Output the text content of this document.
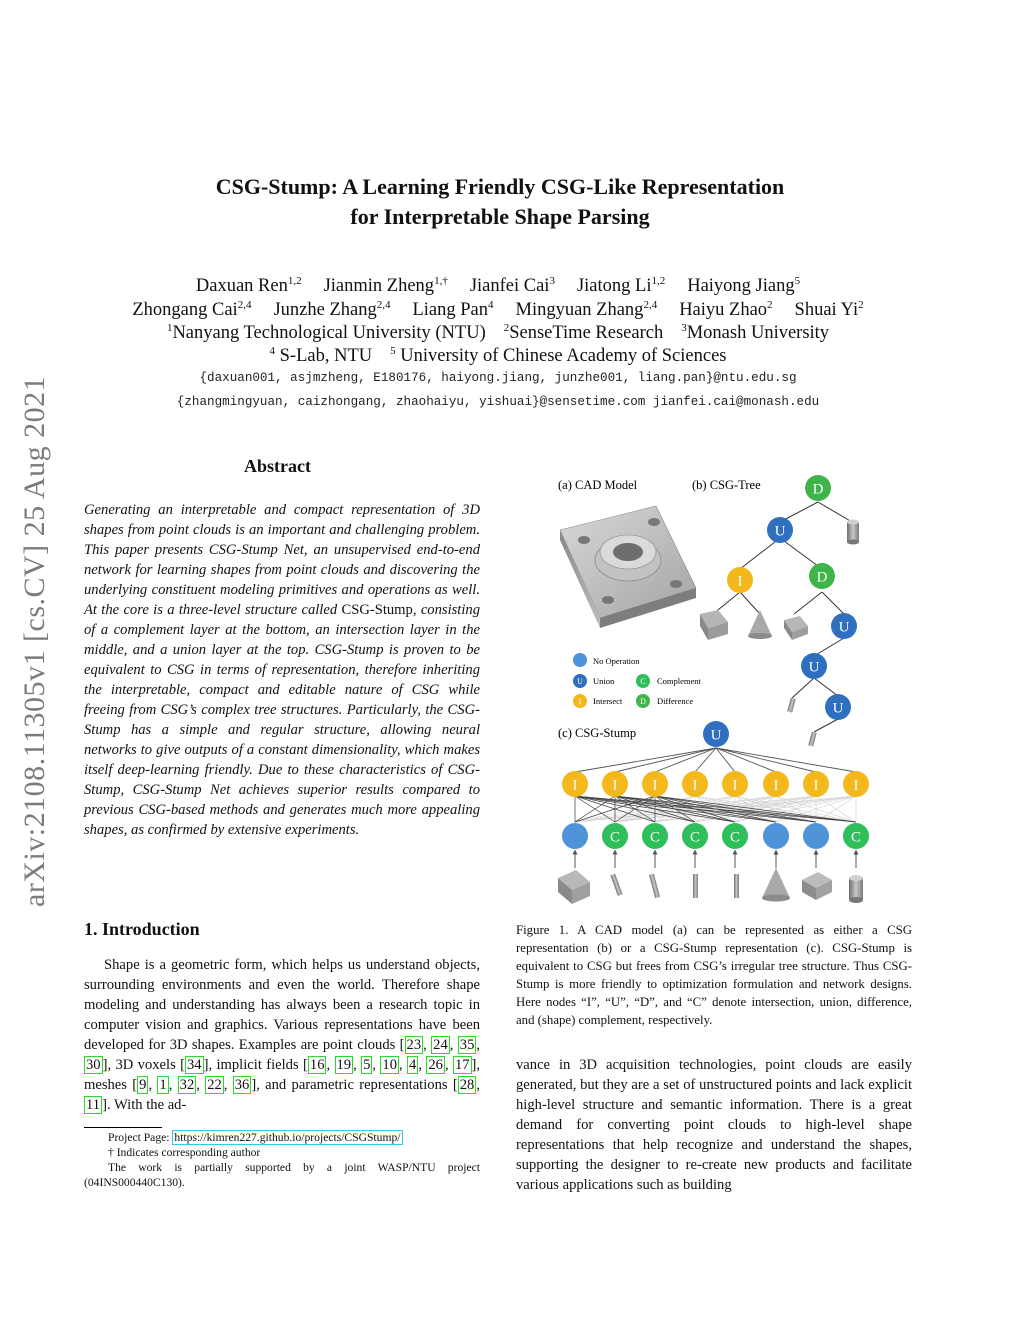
arXiv:2108.11305v1 [cs.CV] 25 Aug 2021
CSG-Stump: A Learning Friendly CSG-Like Representation
for Interpretable Shape Parsing
Daxuan Ren$^{1,2}$ Jianmin Zheng$^{1,\dagger}$ Jianfei Cai$^3$ Jiatong Li$^{1,2}$ Haiyong Jiang$^5$
Zhongang Cai$^{2,4}$ Junzhe Zhang$^{2,4}$ Liang Pan$^4$ Mingyuan Zhang$^{2,4}$ Haiyu Zhao$^2$ Shuai Yi$^2$
$^1$Nanyang Technological University (NTU) $^2$SenseTime Research $^3$Monash University
$^4$ S-Lab, NTU $^5$ University of Chinese Academy of Sciences
{daxuan001, asjmzheng, E180176, haiyong.jiang, junzhe001, liang.pan}@ntu.edu.sg
{zhangmingyuan, caizhongang, zhaohaiyu, yishuai}@sensetime.com jianfei.cai@monash.edu
Abstract
Generating an interpretable and compact representation of 3D shapes from point clouds is an important and challenging problem. This paper presents CSG-Stump Net, an unsupervised end-to-end network for learning shapes from point clouds and discovering the underlying constituent modeling primitives and operations as well. At the core is a three-level structure called CSG-Stump, consisting of a complement layer at the bottom, an intersection layer in the middle, and a union layer at the top. CSG-Stump is proven to be equivalent to CSG in terms of representation, therefore inheriting the interpretable, compact and editable nature of CSG while freeing from CSG’s complex tree structures. Particularly, the CSG-Stump has a simple and regular structure, allowing neural networks to give outputs of a constant dimensionality, which makes itself deep-learning friendly. Due to these characteristics of CSG-Stump, CSG-Stump Net achieves superior results compared to previous CSG-based methods and generates much more appealing shapes, as confirmed by extensive experiments.
1. Introduction
Shape is a geometric form, which helps us understand objects, surrounding environments and even the world. Therefore shape modeling and understanding has always been a research topic in computer vision and graphics. Various representations have been developed for 3D shapes. Examples are point clouds [ 23 , 24 , 35 , 30 ], 3D voxels [ 34 ], implicit fields [ 16 , 19 , 5 , 10 , 4 , 26 , 17 ], meshes [ 9 , 1 , 32 , 22 , 36 ], and parametric representations [ 28 , 11 ]. With the ad-

Project Page: https://kimren227.github.io/projects/CSGStump/

† Indicates corresponding author

The work is partially supported by a joint WASP/NTU project (04INS000440C130).

(a) CAD Model	(b) CSG-Tree
(c) CSG-Stump
D
U
I	D
U
U
U
No Operation
U Union	C Complement
I Intersect D Difference
U
I I I I I I I I
C C C C	C
Figure 1. A CAD model (a) can be represented as either a CSG representation (b) or a CSG-Stump representation (c). CSG-Stump is equivalent to CSG but frees from CSG’s irregular tree structure. Thus CSG-Stump is more friendly to optimization formulation and network designs. Here nodes “I”, “U”, “D”, and “C” denote intersection, union, difference, and (shape) complement, respectively.
vance in 3D acquisition technologies, point clouds are easily generated, but they are a set of unstructured points and lack explicit high-level structure and semantic information. There is a great demand for converting point clouds to high-level shape representations that help recognize and understand the shapes, supporting the designer to re-create new products and facilitate various applications such as building
